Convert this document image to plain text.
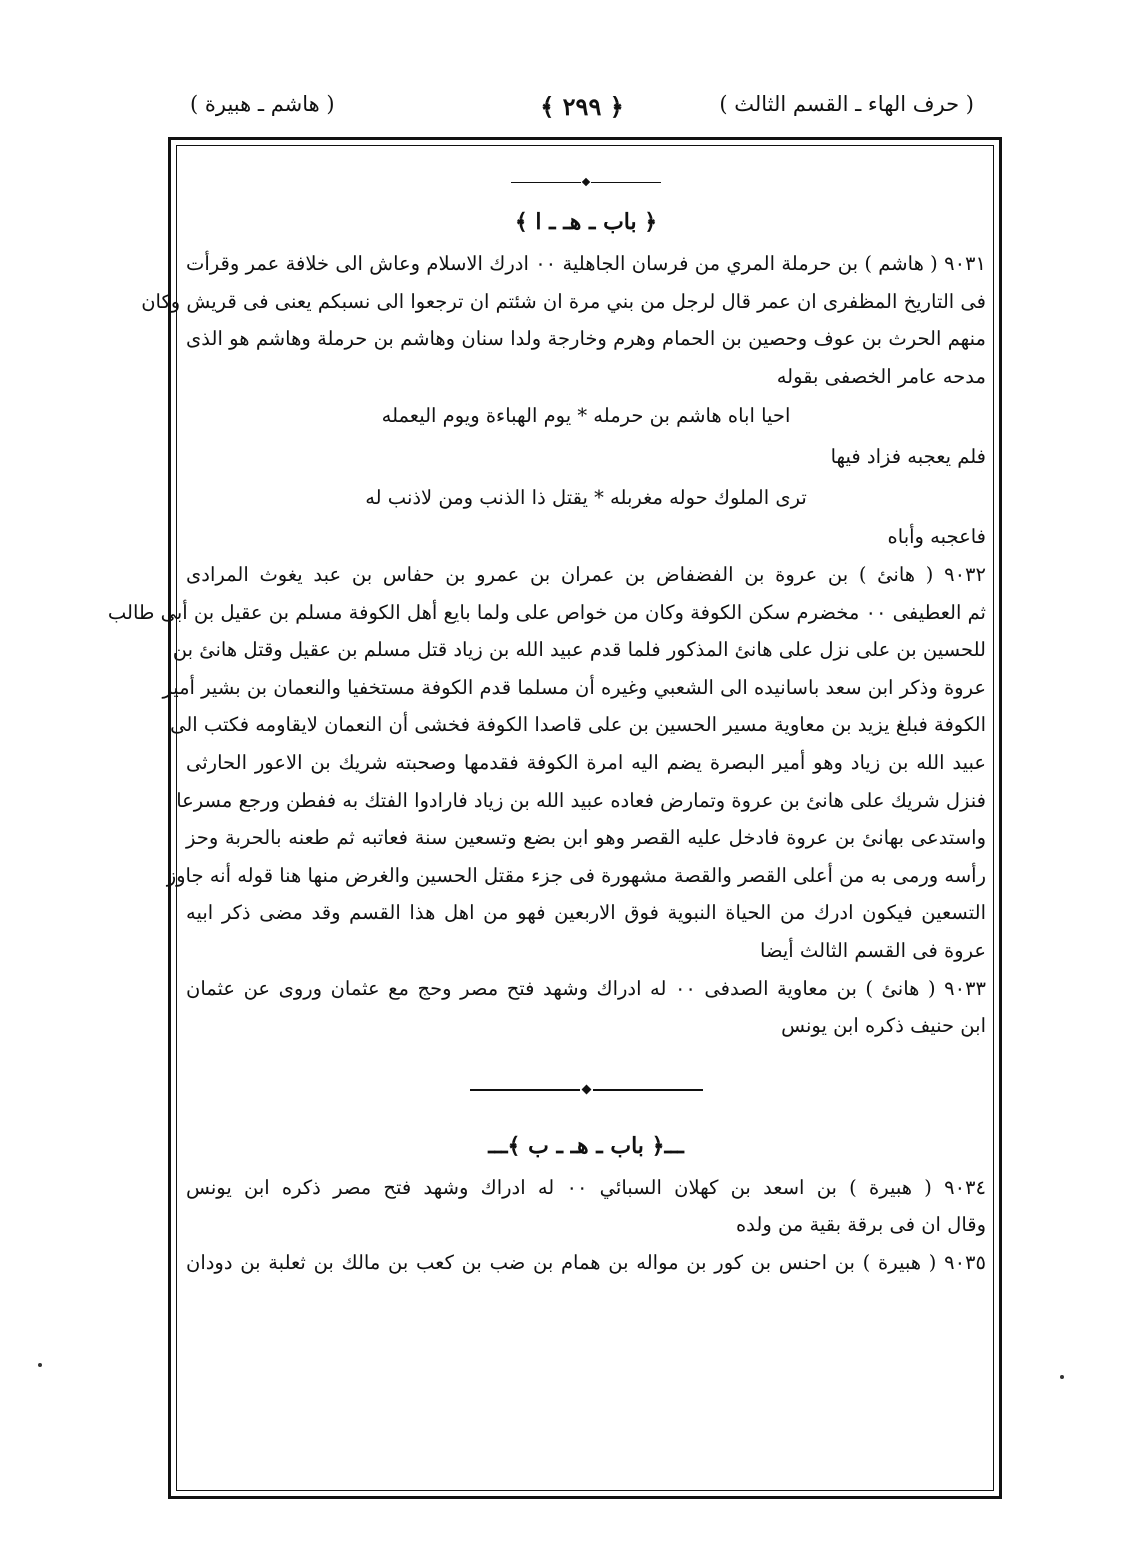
( حرف الهاء ـ القسم الثالث )
﴿ ٢٩٩ ﴾
( هاشم ـ هبيرة )
﴿ باب ـ هـ ـ ا ﴾
٩٠٣١ ( هاشم ) بن حرملة المري من فرسان الجاهلية ٠٠ ادرك الاسلام وعاش الى خلافة عمر وقرأت
فى التاريخ المظفرى ان عمر قال لرجل من بني مرة ان شئتم ان ترجعوا الى نسبكم يعنى فى قريش وكان
منهم الحرث بن عوف وحصين بن الحمام وهرم وخارجة ولدا سنان وهاشم بن حرملة وهاشم هو الذى
مدحه عامر الخصفى بقوله
احيا اباه هاشم بن حرمله * يوم الهباءة ويوم اليعمله
فلم يعجبه فزاد فيها
ترى الملوك حوله مغربله * يقتل ذا الذنب ومن لاذنب له
فاعجبه وأباه
٩٠٣٢ ( هانئ ) بن عروة بن الفضفاض بن عمران بن عمرو بن حفاس بن عبد يغوث المرادى
ثم العطيفى ٠٠ مخضرم سكن الكوفة وكان من خواص على ولما بايع أهل الكوفة مسلم بن عقيل بن أبى طالب
للحسين بن على نزل على هانئ المذكور فلما قدم عبيد الله بن زياد قتل مسلم بن عقيل وقتل هانئ بن
عروة وذكر ابن سعد باسانيده الى الشعبي وغيره أن مسلما قدم الكوفة مستخفيا والنعمان بن بشير أمير
الكوفة فبلغ يزيد بن معاوية مسير الحسين بن على قاصدا الكوفة فخشى أن النعمان لايقاومه فكتب الى
عبيد الله بن زياد وهو أمير البصرة يضم اليه امرة الكوفة فقدمها وصحبته شريك بن الاعور الحارثى
فنزل شريك على هانئ بن عروة وتمارض فعاده عبيد الله بن زياد فارادوا الفتك به ففطن ورجع مسرعا
واستدعى بهانئ بن عروة فادخل عليه القصر وهو ابن بضع وتسعين سنة فعاتبه ثم طعنه بالحربة وحز
رأسه ورمى به من أعلى القصر والقصة مشهورة فى جزء مقتل الحسين والغرض منها هنا قوله أنه جاوز
التسعين فيكون ادرك من الحياة النبوية فوق الاربعين فهو من اهل هذا القسم وقد مضى ذكر ابيه
عروة فى القسم الثالث أيضا
٩٠٣٣ ( هانئ ) بن معاوية الصدفى ٠٠ له ادراك وشهد فتح مصر وحج مع عثمان وروى عن عثمان
ابن حنيف ذكره ابن يونس
ـــ﴿ باب ـ هـ ـ ب ﴾ـــ
٩٠٣٤ ( هبيرة ) بن اسعد بن كهلان السبائي ٠٠ له ادراك وشهد فتح مصر ذكره ابن يونس
وقال ان فى برقة بقية من ولده
٩٠٣٥ ( هبيرة ) بن احنس بن كور بن مواله بن همام بن ضب بن كعب بن مالك بن ثعلبة بن دودان
